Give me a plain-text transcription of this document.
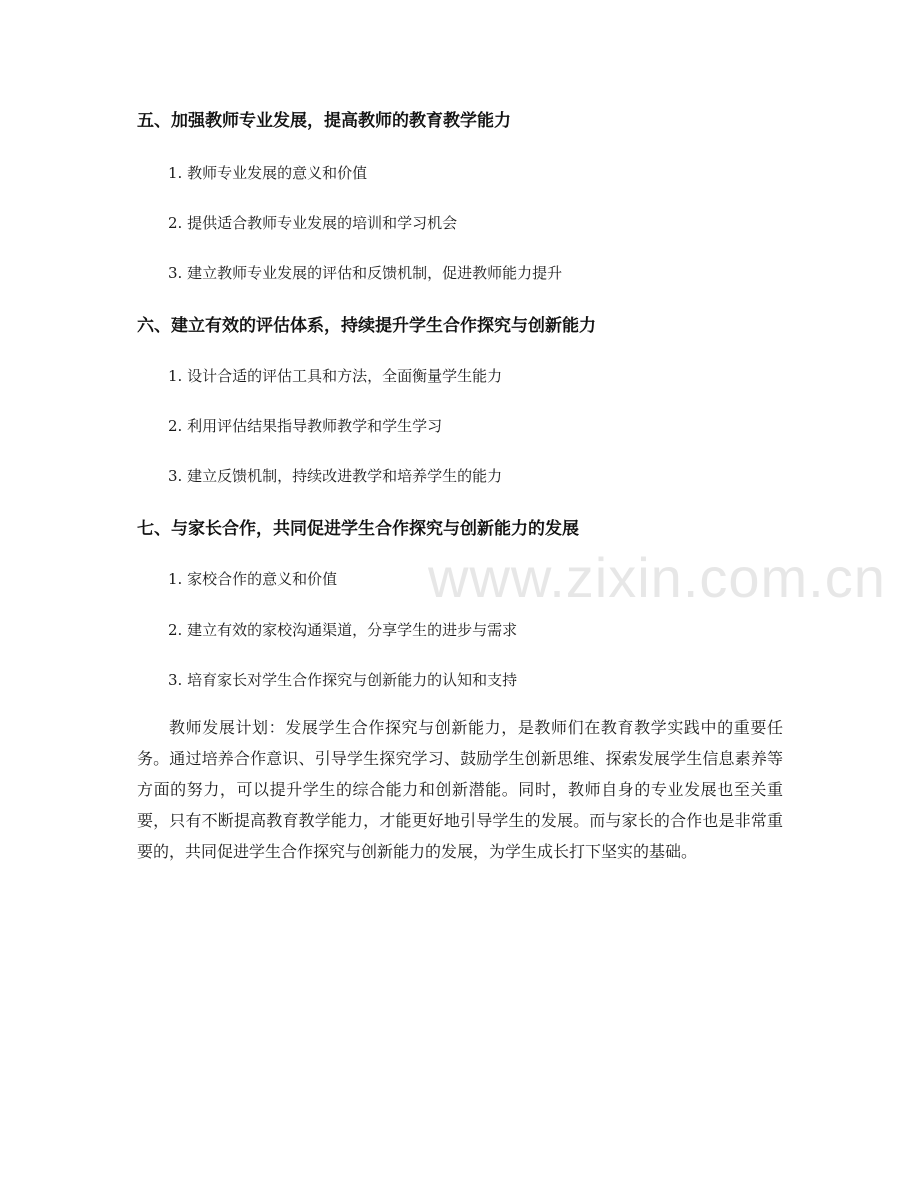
五、加强教师专业发展，提高教师的教育教学能力
1. 教师专业发展的意义和价值
2. 提供适合教师专业发展的培训和学习机会
3. 建立教师专业发展的评估和反馈机制，促进教师能力提升
六、建立有效的评估体系，持续提升学生合作探究与创新能力
1. 设计合适的评估工具和方法，全面衡量学生能力
2. 利用评估结果指导教师教学和学生学习
3. 建立反馈机制，持续改进教学和培养学生的能力
七、与家长合作，共同促进学生合作探究与创新能力的发展
1. 家校合作的意义和价值
2. 建立有效的家校沟通渠道，分享学生的进步与需求
3. 培育家长对学生合作探究与创新能力的认知和支持

教师发展计划：发展学生合作探究与创新能力，是教师们在教育教学实践中的重要任务。通过培养合作意识、引导学生探究学习、鼓励学生创新思维、探索发展学生信息素养等方面的努力，可以提升学生的综合能力和创新潜能。同时，教师自身的专业发展也至关重要，只有不断提高教育教学能力，才能更好地引导学生的发展。而与家长的合作也是非常重要的，共同促进学生合作探究与创新能力的发展，为学生成长打下坚实的基础。

www.zixin.com.cn
